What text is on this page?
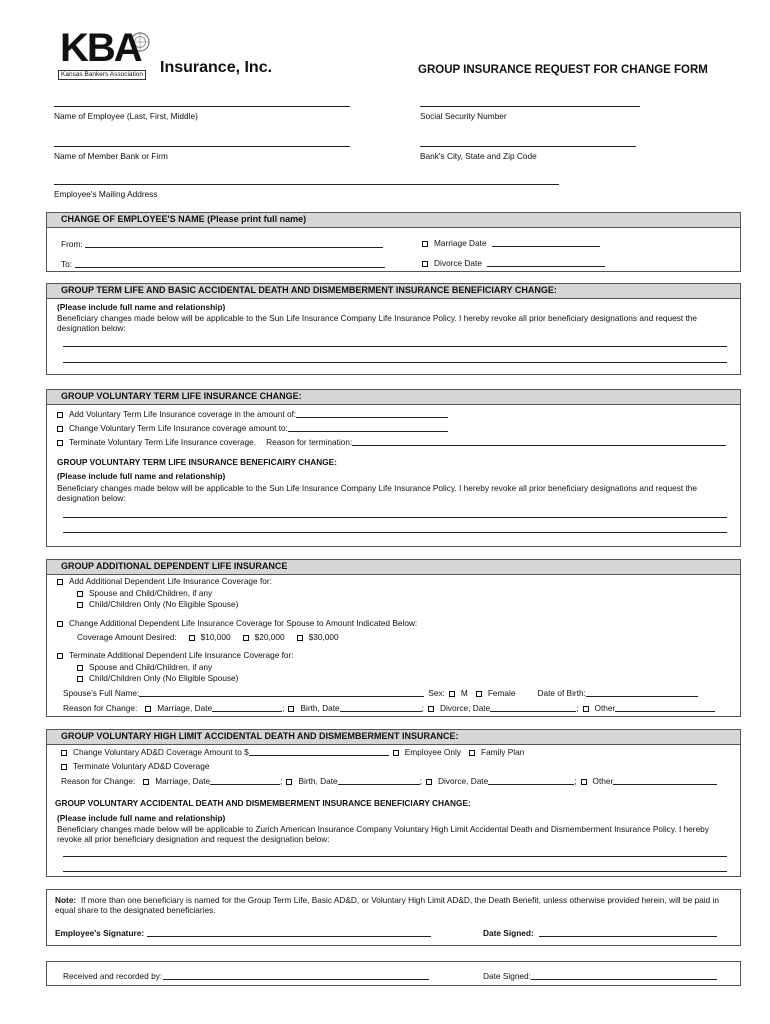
KBA
Kansas Bankers Association Insurance, Inc.	GROUP INSURANCE REQUEST FOR CHANGE FORM
Name of Employee (Last, First, Middle)	Social Security Number
Name of Member Bank or Firm	Bank's City, State and Zip Code
Employee's Mailing Address
CHANGE OF EMPLOYEE'S NAME (Please print full name)
From:	Marriage Date
To:	Divorce Date
GROUP TERM LIFE AND BASIC ACCIDENTAL DEATH AND DISMEMBERMENT INSURANCE BENEFICIARY CHANGE:
(Please include full name and relationship)
Beneficiary changes made below will be applicable to the Sun Life Insurance Company Life Insurance Policy. I hereby revoke all prior beneficiary designations and request the designation below:
GROUP VOLUNTARY TERM LIFE INSURANCE CHANGE:
Add Voluntary Term Life Insurance coverage in the amount of:
Change Voluntary Term Life Insurance coverage amount to:
Terminate Voluntary Term Life Insurance coverage. Reason for termination:
GROUP VOLUNTARY TERM LIFE INSURANCE BENEFICAIRY CHANGE:
(Please include full name and relationship)
Beneficiary changes made below will be applicable to the Sun Life Insurance Company Life Insurance Policy. I hereby revoke all prior beneficiary designations and request the designation below:
GROUP ADDITIONAL DEPENDENT LIFE INSURANCE
Add Additional Dependent Life Insurance Coverage for:
Spouse and Child/Children, if any
Child/Children Only (No Eligible Spouse)
Change Additional Dependent Life Insurance Coverage for Spouse to Amount Indicated Below:
Coverage Amount Desired:	$10,000	$20,000	$30,000
Terminate Additional Dependent Life Insurance Coverage for:
Spouse and Child/Children, if any
Child/Children Only (No Eligible Spouse)
Spouse's Full Name:	Sex: M Female	Date of Birth:
Reason for Change: Marriage, Date	; Birth, Date	; Divorce, Date	; Other
GROUP VOLUNTARY HIGH LIMIT ACCIDENTAL DEATH AND DISMEMBERMENT INSURANCE:
Change Voluntary AD&D Coverage Amount to $	Employee Only Family Plan
Terminate Voluntary AD&D Coverage
Reason for Change: Marriage, Date	; Birth, Date	; Divorce, Date	; Other
GROUP VOLUNTARY ACCIDENTAL DEATH AND DISMEMBERMENT INSURANCE BENEFICIARY CHANGE:
(Please include full name and relationship)
Beneficiary changes made below will be applicable to Zurich American Insurance Company Voluntary High Limit Accidental Death and Dismemberment Insurance Policy. I hereby revoke all prior beneficiary designation and request the designation below:
Note: If more than one beneficiary is named for the Group Term Life, Basic AD&D, or Voluntary High Limit AD&D, the Death Benefit, unless otherwise provided herein, will be paid in equal share to the designated beneficiaries.
Employee's Signature:	Date Signed:
Received and recorded by:	Date Signed:
